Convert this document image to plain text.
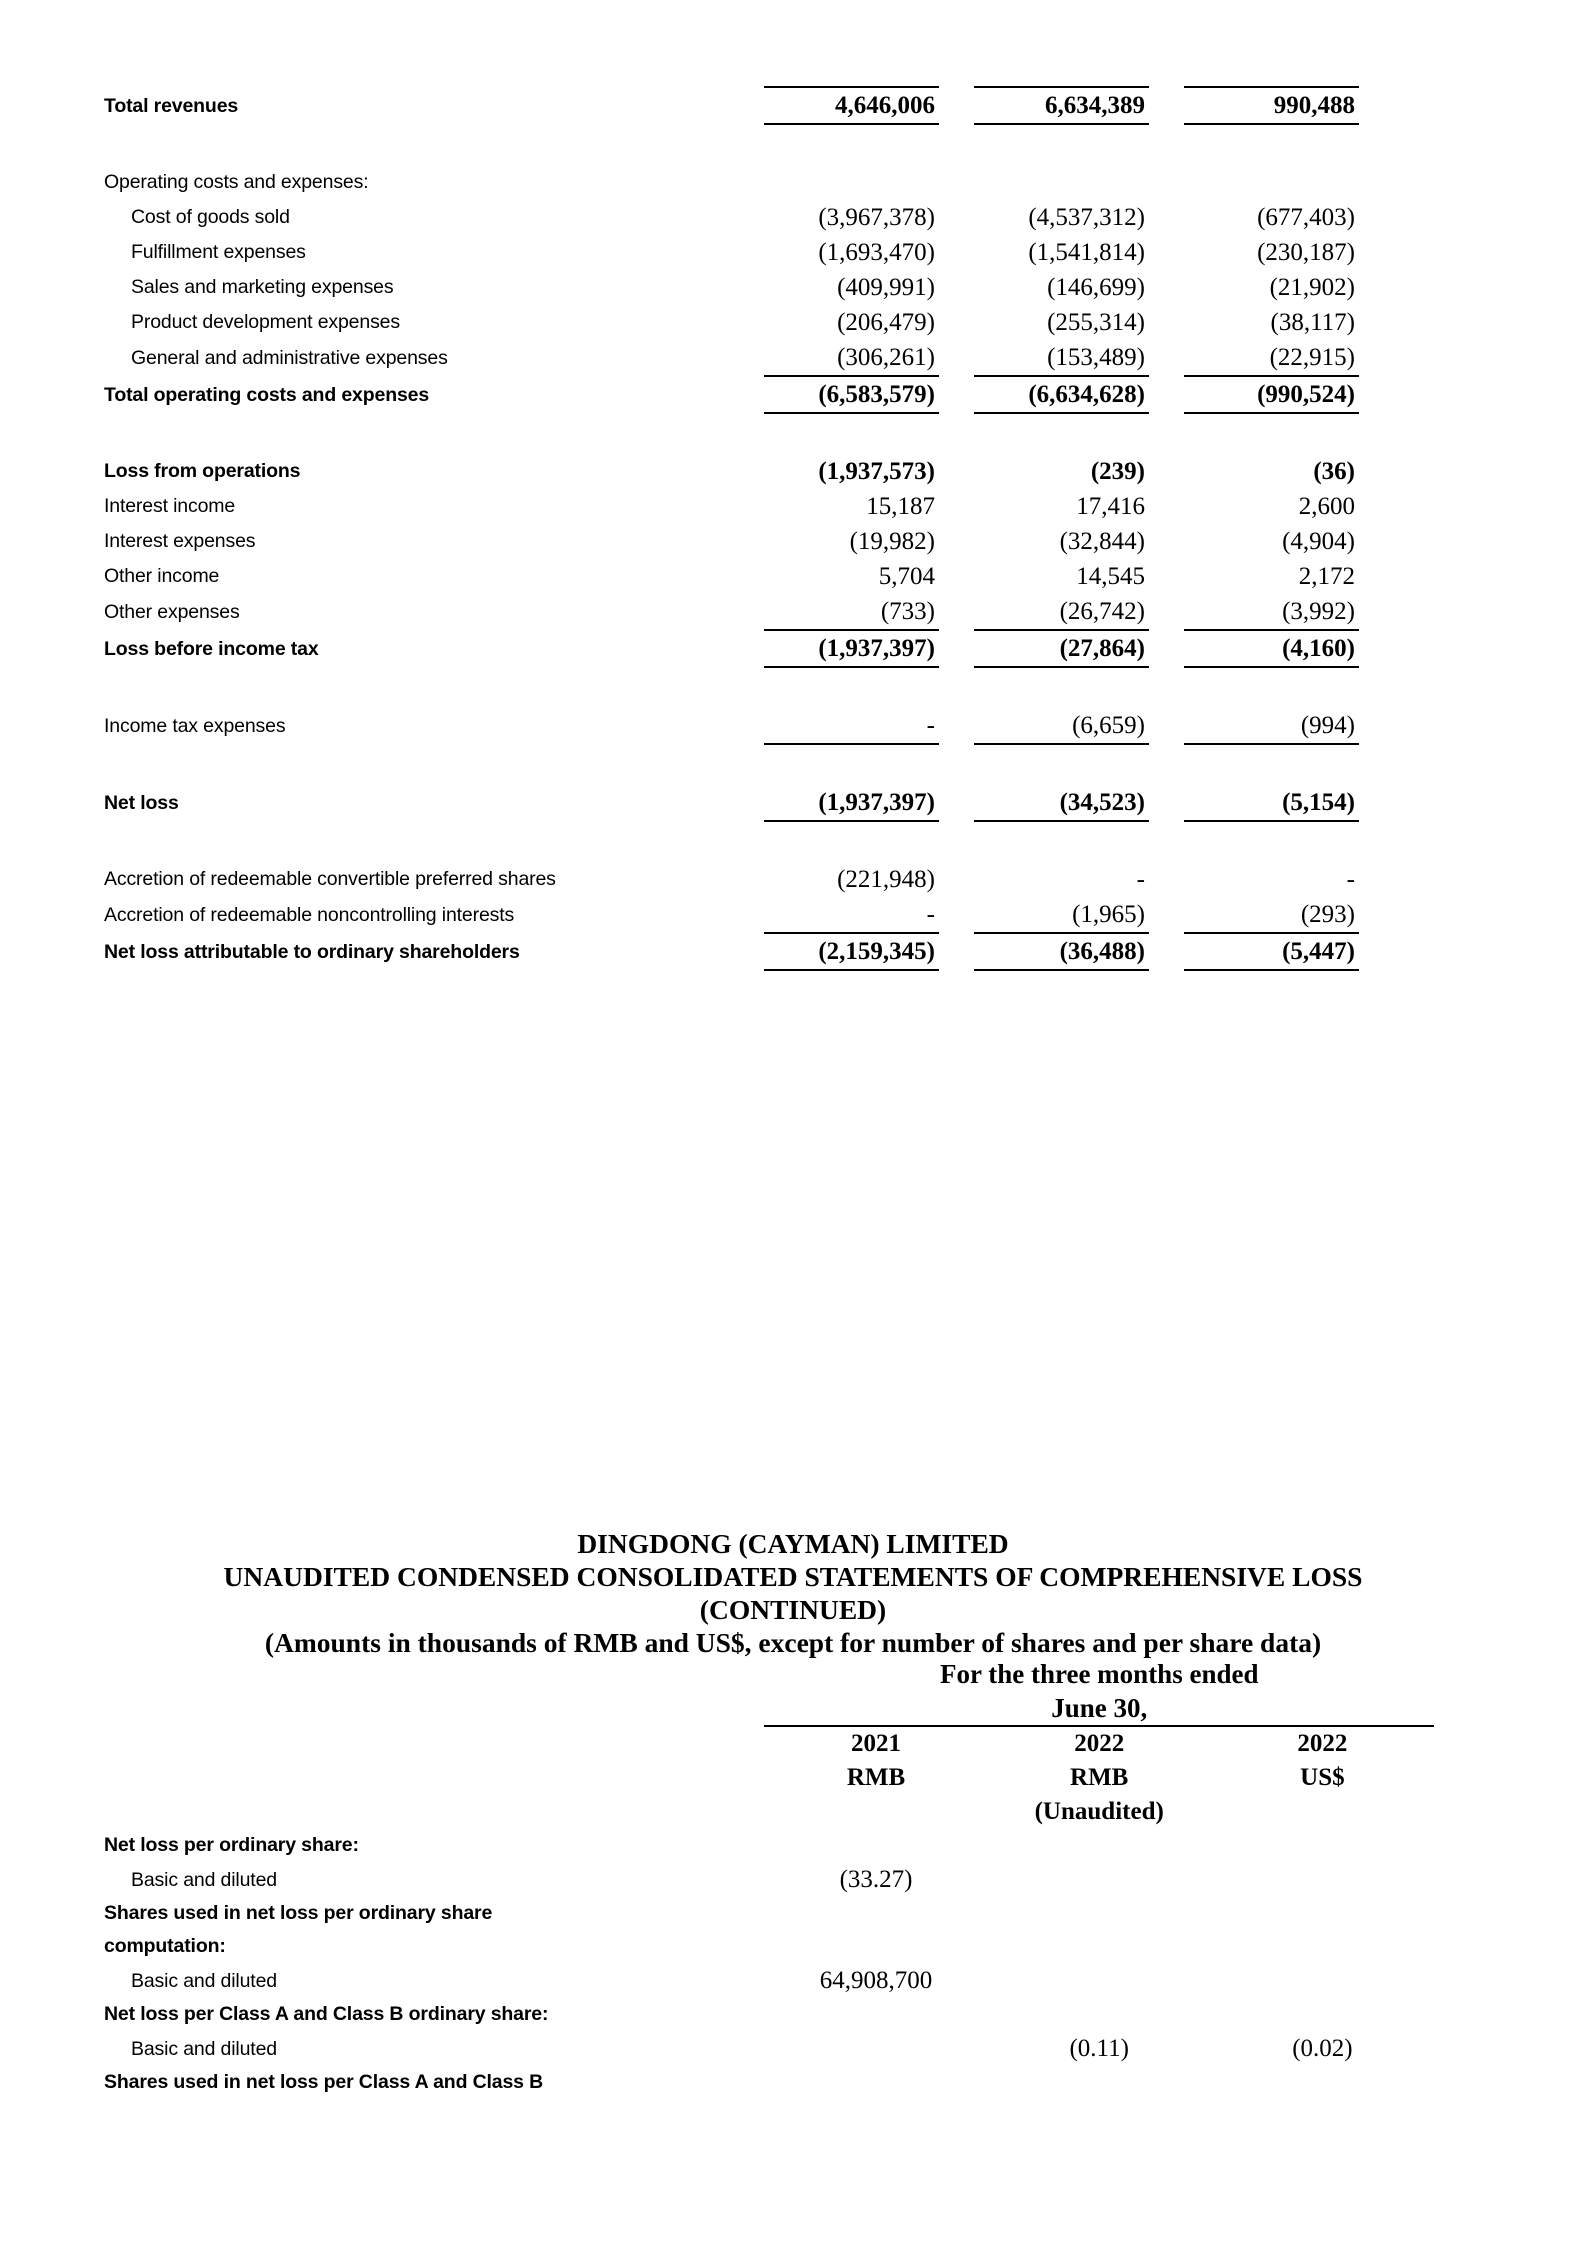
Total revenues	4,646,006		6,634,389		990,488

Operating costs and expenses:					
Cost of goods sold	(3,967,378)		(4,537,312)		(677,403)
Fulfillment expenses	(1,693,470)		(1,541,814)		(230,187)
Sales and marketing expenses	(409,991)		(146,699)		(21,902)
Product development expenses	(206,479)		(255,314)		(38,117)
General and administrative expenses	(306,261)		(153,489)		(22,915)
Total operating costs and expenses	(6,583,579)		(6,634,628)		(990,524)

Loss from operations	(1,937,573)		(239)		(36)
Interest income	15,187		17,416		2,600
Interest expenses	(19,982)		(32,844)		(4,904)
Other income	5,704		14,545		2,172
Other expenses	(733)		(26,742)		(3,992)
Loss before income tax	(1,937,397)		(27,864)		(4,160)

Income tax expenses	-		(6,659)		(994)

Net loss	(1,937,397)		(34,523)		(5,154)

Accretion of redeemable convertible preferred shares	(221,948)		-		-
Accretion of redeemable noncontrolling interests	-		(1,965)		(293)
Net loss attributable to ordinary shareholders	(2,159,345)		(36,488)		(5,447)
DINGDONG (CAYMAN) LIMITED
UNAUDITED CONDENSED CONSOLIDATED STATEMENTS OF COMPREHENSIVE LOSS
(CONTINUED)
(Amounts in thousands of RMB and US$, except for number of shares and per share data)
	For the three months ended		
	June 30,		
	2021	2022	2022
	RMB	RMB	US$
		(Unaudited)	
Net loss per ordinary share:			
Basic and diluted	(33.27)		
Shares used in net loss per ordinary share			
computation:			
Basic and diluted	64,908,700		
Net loss per Class A and Class B ordinary share:			
Basic and diluted		(0.11)	(0.02)
Shares used in net loss per Class A and Class B			
